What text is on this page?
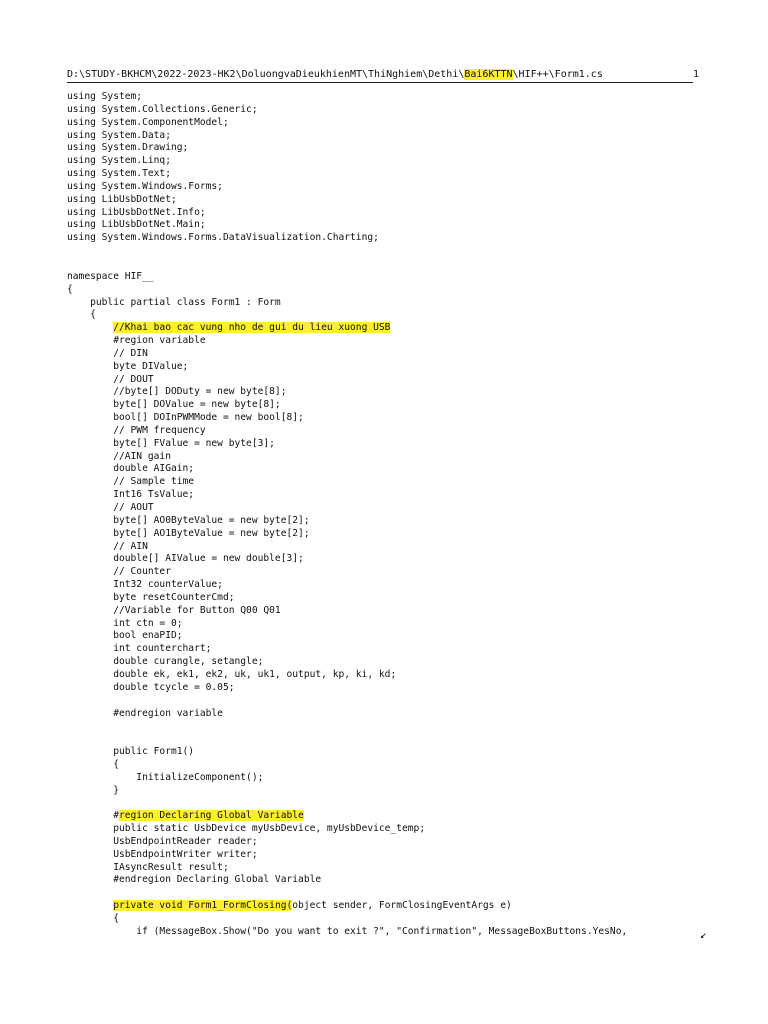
D:\STUDY-BKHCM\2022-2023-HK2\DoluongvaDieukhienMT\ThiNghiem\Dethi\Bai6KTTN\HIF++\Form1.cs	1
using System;
using System.Collections.Generic;
using System.ComponentModel;
using System.Data;
using System.Drawing;
using System.Linq;
using System.Text;
using System.Windows.Forms;
using LibUsbDotNet;
using LibUsbDotNet.Info;
using LibUsbDotNet.Main;
using System.Windows.Forms.DataVisualization.Charting;
namespace HIF__
{
public partial class Form1 : Form
{
//Khai bao cac vung nho de gui du lieu xuong USB
#region variable
// DIN
byte DIValue;
// DOUT
//byte[] DODuty = new byte[8];
byte[] DOValue = new byte[8];
bool[] DOInPWMMode = new bool[8];
// PWM frequency
byte[] FValue = new byte[3];
//AIN gain
double AIGain;
// Sample time
Int16 TsValue;
// AOUT
byte[] AO0ByteValue = new byte[2];
byte[] AO1ByteValue = new byte[2];
// AIN
double[] AIValue = new double[3];
// Counter
Int32 counterValue;
byte resetCounterCmd;
//Variable for Button Q00 Q01
int ctn = 0;
bool enaPID;
int counterchart;
double curangle, setangle;
double ek, ek1, ek2, uk, uk1, output, kp, ki, kd;
double tcycle = 0.05;
#endregion variable
public Form1()
{
InitializeComponent();
}
#region Declaring Global Variable
public static UsbDevice myUsbDevice, myUsbDevice_temp;
UsbEndpointReader reader;
UsbEndpointWriter writer;
IAsyncResult result;
#endregion Declaring Global Variable
private void Form1_FormClosing(object sender, FormClosingEventArgs e)
{
if (MessageBox.Show("Do you want to exit ?", "Confirmation", MessageBoxButtons.YesNo,	↙
